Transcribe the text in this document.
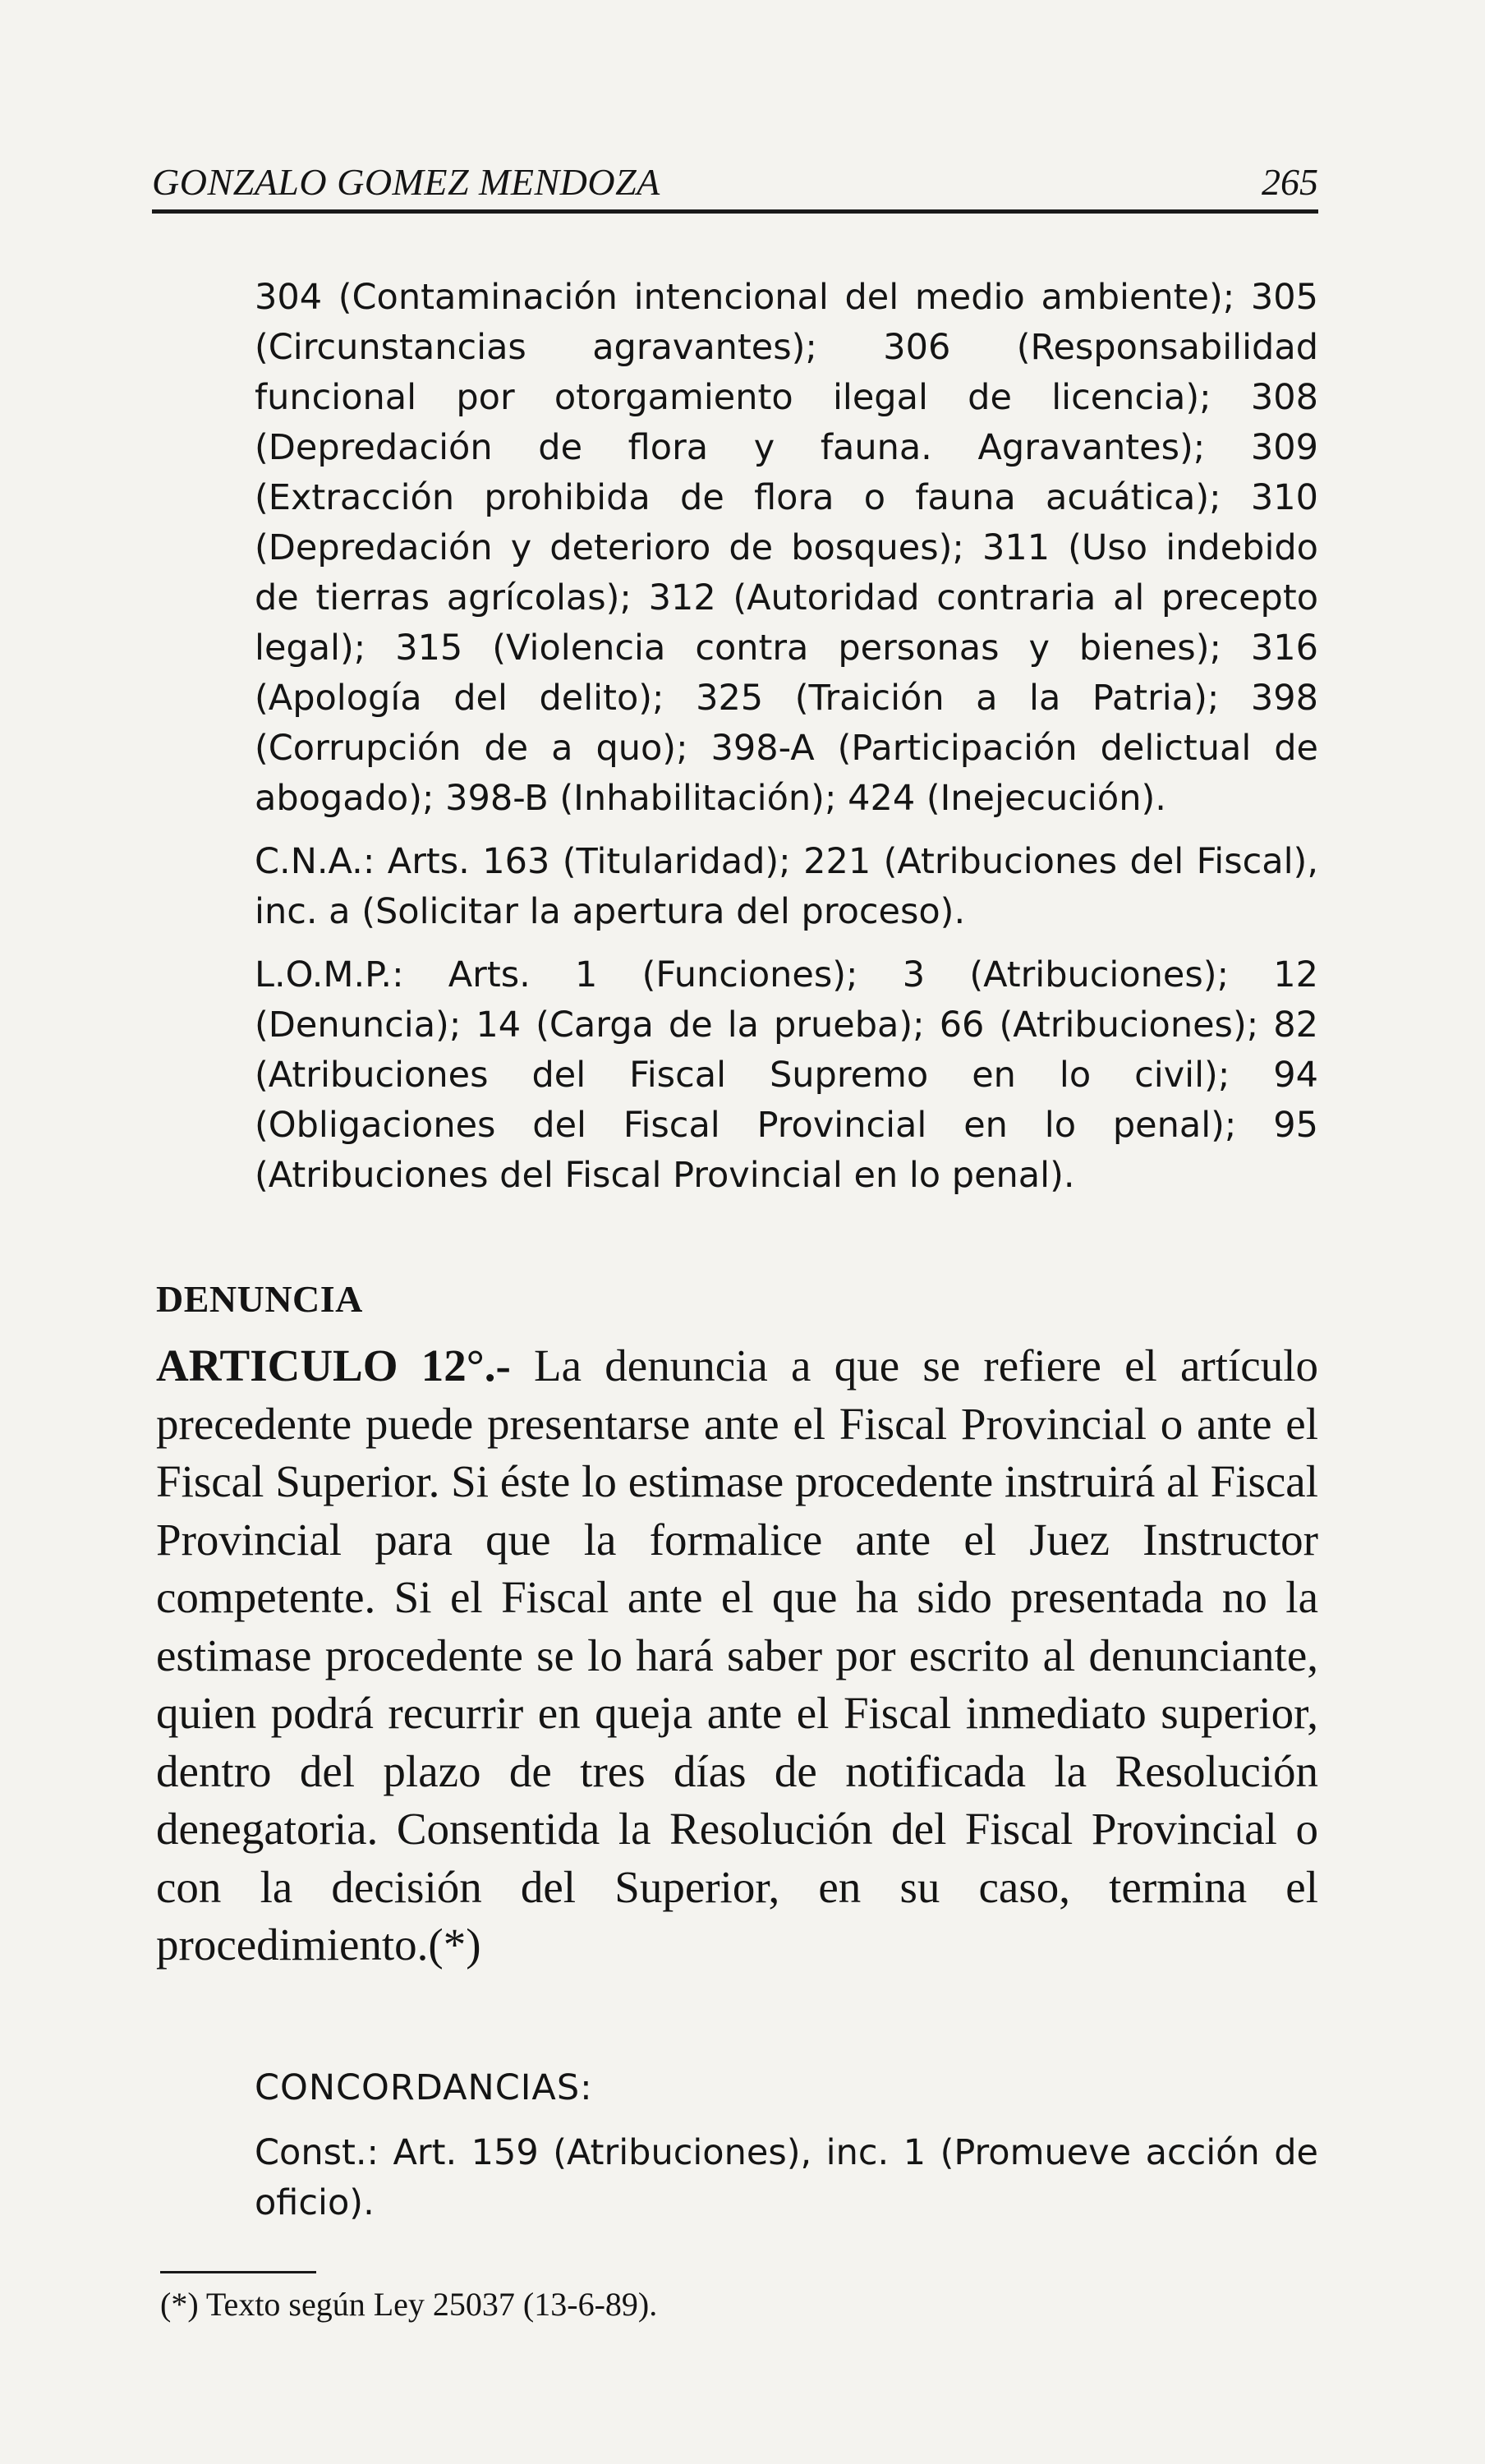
GONZALO GOMEZ MENDOZA	265

304 (Contaminación intencional del medio ambiente); 305 (Circunstancias agravantes); 306 (Responsabilidad funcional por otorgamiento ilegal de licencia); 308 (Depredación de flora y fauna. Agravantes); 309 (Extracción prohibida de flora o fauna acuática); 310 (Depredación y deterioro de bosques); 311 (Uso indebido de tierras agrícolas); 312 (Autoridad contraria al precepto legal); 315 (Violencia contra personas y bienes); 316 (Apología del delito); 325 (Traición a la Patria); 398 (Corrupción de a quo); 398-A (Participación delictual de abogado); 398-B (Inhabilitación); 424 (Inejecución).

C.N.A.: Arts. 163 (Titularidad); 221 (Atribuciones del Fiscal), inc. a (Solicitar la apertura del proceso).

L.O.M.P.: Arts. 1 (Funciones); 3 (Atribuciones); 12 (Denuncia); 14 (Carga de la prueba); 66 (Atribuciones); 82 (Atribuciones del Fiscal Supremo en lo civil); 94 (Obligaciones del Fiscal Provincial en lo penal); 95 (Atribuciones del Fiscal Provincial en lo penal).

DENUNCIA
ARTICULO 12°.- La denuncia a que se refiere el artículo precedente puede presentarse ante el Fiscal Provincial o ante el Fiscal Superior. Si éste lo estimase procedente instruirá al Fiscal Provincial para que la formalice ante el Juez Instructor competente. Si el Fiscal ante el que ha sido presentada no la estimase procedente se lo hará saber por escrito al denunciante, quien podrá recurrir en queja ante el Fiscal inmediato superior, dentro del plazo de tres días de notificada la Resolución denegatoria. Consentida la Resolución del Fiscal Provincial o con la decisión del Superior, en su caso, termina el procedimiento.(*)

CONCORDANCIAS:

Const.: Art. 159 (Atribuciones), inc. 1 (Promueve acción de oficio).

(*) Texto según Ley 25037 (13-6-89).
